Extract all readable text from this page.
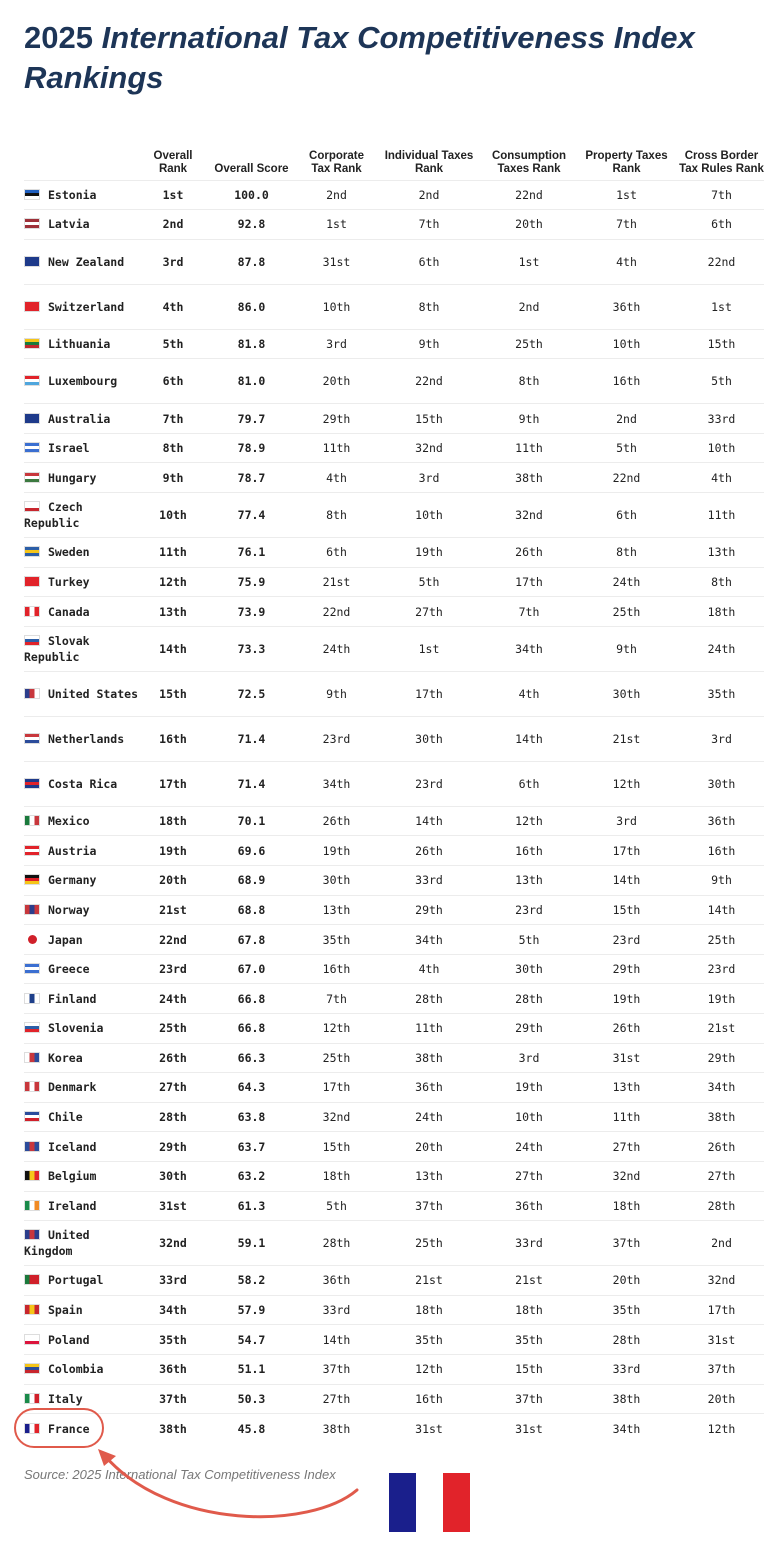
2025 International Tax Competitiveness Index Rankings
	Overall Rank	Overall Score	Corporate Tax Rank	Individual Taxes Rank	Consumption Taxes Rank	Property Taxes Rank	Cross Border Tax Rules Rank
Estonia	1st	100.0	2nd	2nd	22nd	1st	7th
Latvia	2nd	92.8	1st	7th	20th	7th	6th
New Zealand	3rd	87.8	31st	6th	1st	4th	22nd
Switzerland	4th	86.0	10th	8th	2nd	36th	1st
Lithuania	5th	81.8	3rd	9th	25th	10th	15th
Luxembourg	6th	81.0	20th	22nd	8th	16th	5th
Australia	7th	79.7	29th	15th	9th	2nd	33rd
Israel	8th	78.9	11th	32nd	11th	5th	10th
Hungary	9th	78.7	4th	3rd	38th	22nd	4th
Czech Republic	10th	77.4	8th	10th	32nd	6th	11th
Sweden	11th	76.1	6th	19th	26th	8th	13th
Turkey	12th	75.9	21st	5th	17th	24th	8th
Canada	13th	73.9	22nd	27th	7th	25th	18th
Slovak Republic	14th	73.3	24th	1st	34th	9th	24th
United States	15th	72.5	9th	17th	4th	30th	35th
Netherlands	16th	71.4	23rd	30th	14th	21st	3rd
Costa Rica	17th	71.4	34th	23rd	6th	12th	30th
Mexico	18th	70.1	26th	14th	12th	3rd	36th
Austria	19th	69.6	19th	26th	16th	17th	16th
Germany	20th	68.9	30th	33rd	13th	14th	9th
Norway	21st	68.8	13th	29th	23rd	15th	14th
Japan	22nd	67.8	35th	34th	5th	23rd	25th
Greece	23rd	67.0	16th	4th	30th	29th	23rd
Finland	24th	66.8	7th	28th	28th	19th	19th
Slovenia	25th	66.8	12th	11th	29th	26th	21st
Korea	26th	66.3	25th	38th	3rd	31st	29th
Denmark	27th	64.3	17th	36th	19th	13th	34th
Chile	28th	63.8	32nd	24th	10th	11th	38th
Iceland	29th	63.7	15th	20th	24th	27th	26th
Belgium	30th	63.2	18th	13th	27th	32nd	27th
Ireland	31st	61.3	5th	37th	36th	18th	28th
United Kingdom	32nd	59.1	28th	25th	33rd	37th	2nd
Portugal	33rd	58.2	36th	21st	21st	20th	32nd
Spain	34th	57.9	33rd	18th	18th	35th	17th
Poland	35th	54.7	14th	35th	35th	28th	31st
Colombia	36th	51.1	37th	12th	15th	33rd	37th
Italy	37th	50.3	27th	16th	37th	38th	20th
France	38th	45.8	38th	31st	31st	34th	12th

Source: 2025 International Tax Competitiveness Index
